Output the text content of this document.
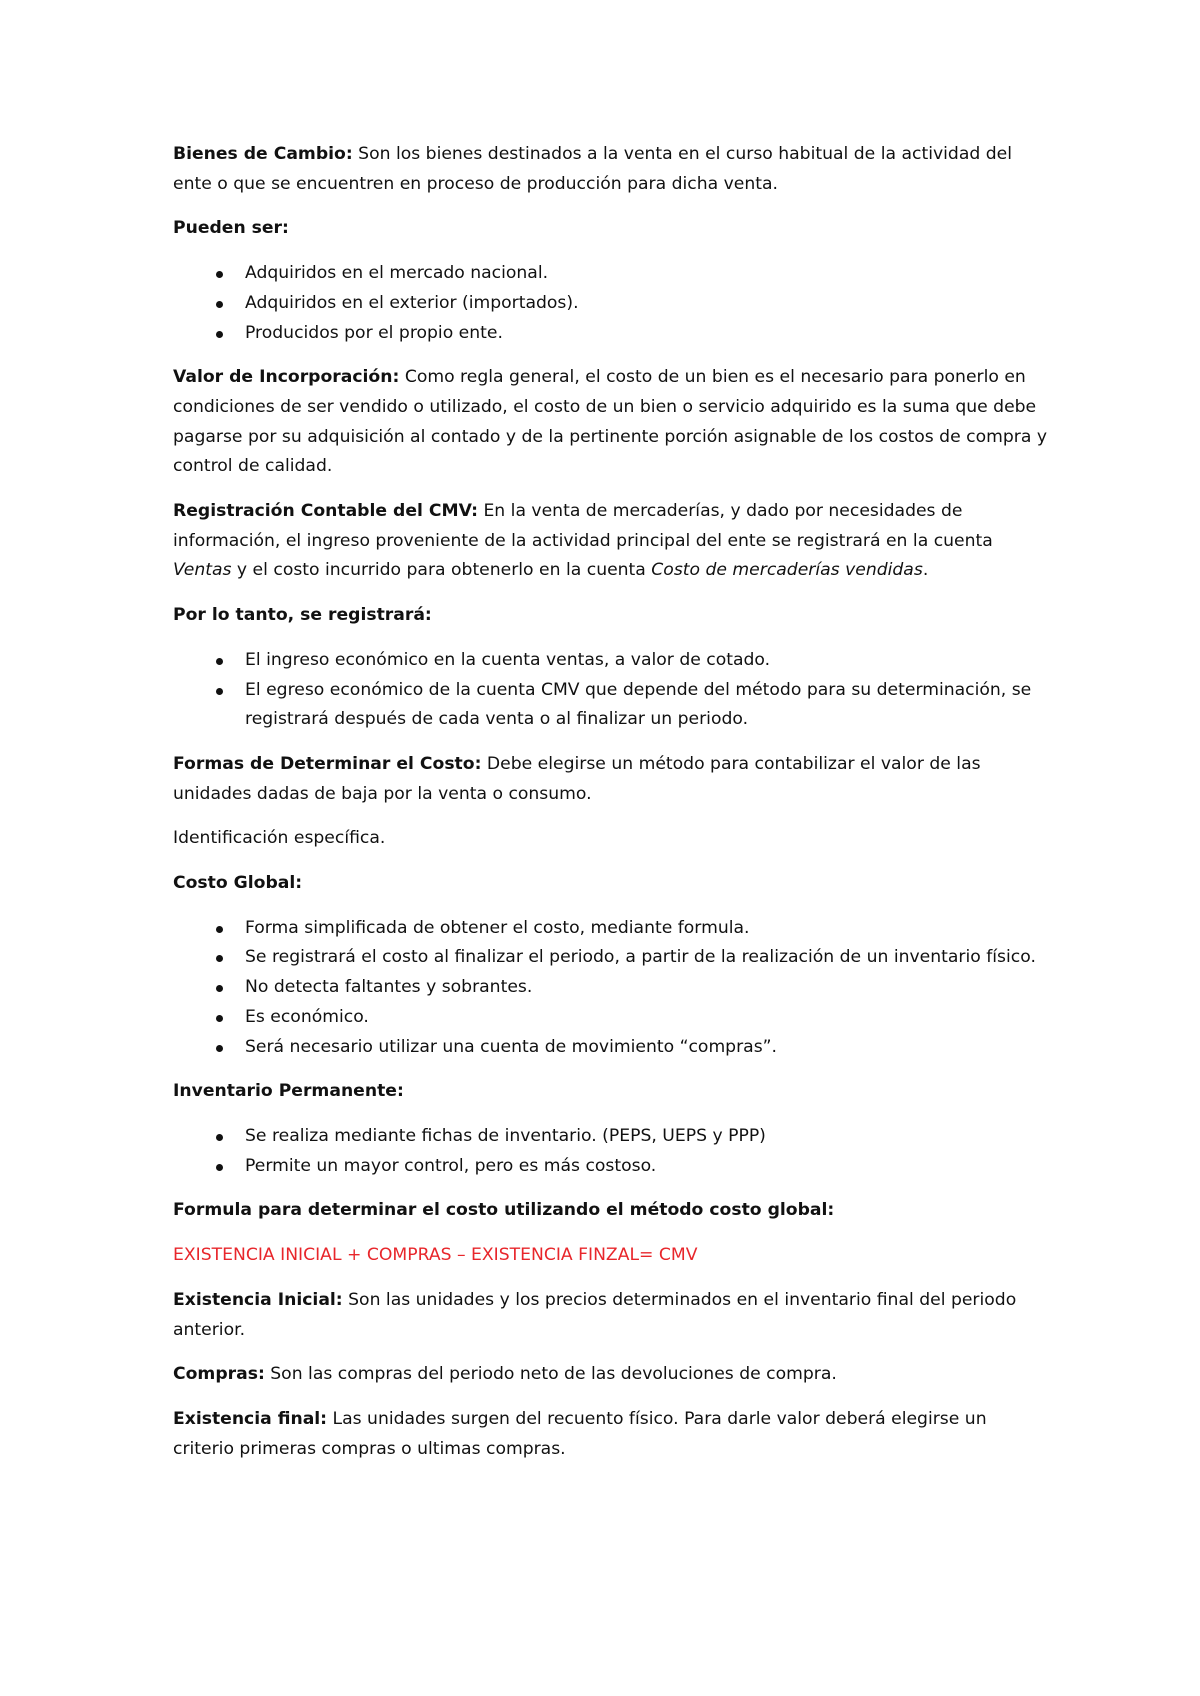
Bienes de Cambio: Son los bienes destinados a la venta en el curso habitual de la actividad del ente o que se encuentren en proceso de producción para dicha venta.

Pueden ser:

Adquiridos en el mercado nacional.
Adquiridos en el exterior (importados).
Producidos por el propio ente.

Valor de Incorporación: Como regla general, el costo de un bien es el necesario para ponerlo en condiciones de ser vendido o utilizado, el costo de un bien o servicio adquirido es la suma que debe pagarse por su adquisición al contado y de la pertinente porción asignable de los costos de compra y control de calidad.

Registración Contable del CMV: En la venta de mercaderías, y dado por necesidades de información, el ingreso proveniente de la actividad principal del ente se registrará en la cuenta Ventas y el costo incurrido para obtenerlo en la cuenta Costo de mercaderías vendidas.

Por lo tanto, se registrará:

El ingreso económico en la cuenta ventas, a valor de cotado.
El egreso económico de la cuenta CMV que depende del método para su determinación, se registrará después de cada venta o al finalizar un periodo.

Formas de Determinar el Costo: Debe elegirse un método para contabilizar el valor de las unidades dadas de baja por la venta o consumo.

Identificación específica.

Costo Global:

Forma simplificada de obtener el costo, mediante formula.
Se registrará el costo al finalizar el periodo, a partir de la realización de un inventario físico.
No detecta faltantes y sobrantes.
Es económico.
Será necesario utilizar una cuenta de movimiento “compras”.

Inventario Permanente:

Se realiza mediante fichas de inventario. (PEPS, UEPS y PPP)
Permite un mayor control, pero es más costoso.

Formula para determinar el costo utilizando el método costo global:

EXISTENCIA INICIAL + COMPRAS – EXISTENCIA FINZAL= CMV

Existencia Inicial: Son las unidades y los precios determinados en el inventario final del periodo anterior.

Compras: Son las compras del periodo neto de las devoluciones de compra.

Existencia final: Las unidades surgen del recuento físico. Para darle valor deberá elegirse un criterio primeras compras o ultimas compras.
